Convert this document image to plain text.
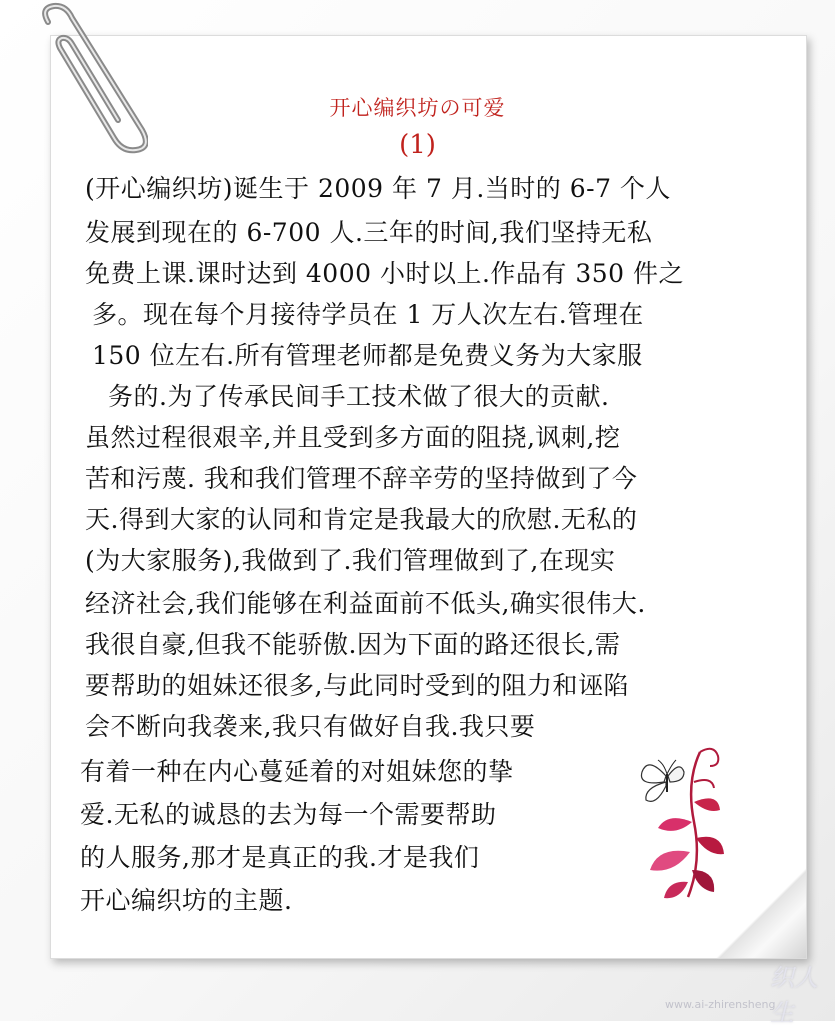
开心编织坊の可爱
(1)
(开心编织坊)诞生于 2009 年 7 月.当时的 6-7 个人
发展到现在的 6-700 人.三年的时间,我们坚持无私
免费上课.课时达到 4000 小时以上.作品有 350 件之
多。现在每个月接待学员在 1 万人次左右.管理在
150 位左右.所有管理老师都是免费义务为大家服
务的.为了传承民间手工技术做了很大的贡献.
虽然过程很艰辛,并且受到多方面的阻挠,讽刺,挖
苦和污蔑. 我和我们管理不辞辛劳的坚持做到了今
天.得到大家的认同和肯定是我最大的欣慰.无私的
(为大家服务),我做到了.我们管理做到了,在现实
经济社会,我们能够在利益面前不低头,确实很伟大.
我很自豪,但我不能骄傲.因为下面的路还很长,需
要帮助的姐妹还很多,与此同时受到的阻力和诬陷
会不断向我袭来,我只有做好自我.我只要
有着一种在内心蔓延着的对姐妹您的挚
爱.无私的诚恳的去为每一个需要帮助
的人服务,那才是真正的我.才是我们
开心编织坊的主题.
织人生
www.ai-zhirensheng
